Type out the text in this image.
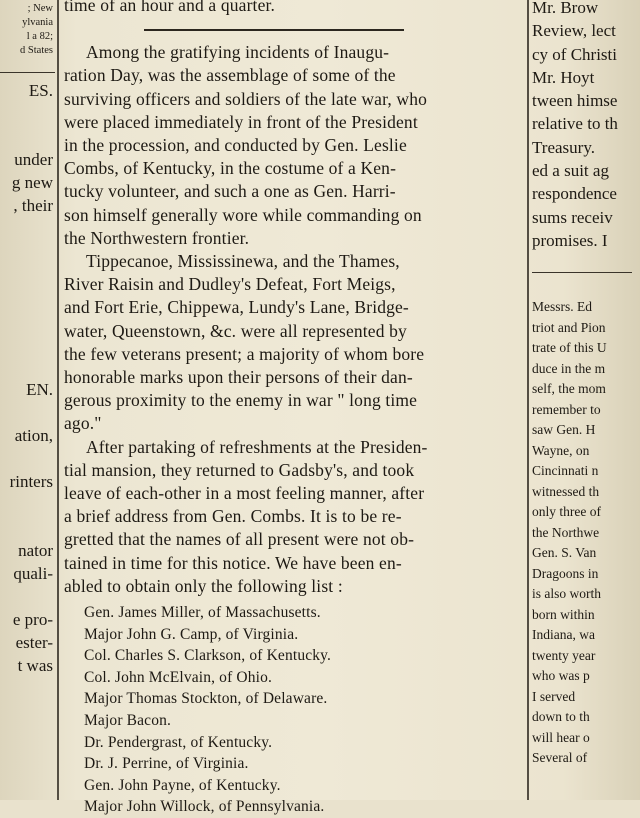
; New
ylvania
l a 82;
d States
ES.

under
g new
, their

EN.

ation,

rinters

nator
quali-

e pro-
ester-
t was
time of an hour and a quarter.
Among the gratifying incidents of Inaugu-
ration Day, was the assemblage of some of the
surviving officers and soldiers of the late war, who
were placed immediately in front of the President
in the procession, and conducted by Gen. Leslie
Combs, of Kentucky, in the costume of a Ken-
tucky volunteer, and such a one as Gen. Harri-
son himself generally wore while commanding on
the Northwestern frontier.
Tippecanoe, Mississinewa, and the Thames,
River Raisin and Dudley's Defeat, Fort Meigs,
and Fort Erie, Chippewa, Lundy's Lane, Bridge-
water, Queenstown, &c. were all represented by
the few veterans present; a majority of whom bore
honorable marks upon their persons of their dan-
gerous proximity to the enemy in war " long time
ago."
After partaking of refreshments at the Presiden-
tial mansion, they returned to Gadsby's, and took
leave of each-other in a most feeling manner, after
a brief address from Gen. Combs. It is to be re-
gretted that the names of all present were not ob-
tained in time for this notice. We have been en-
abled to obtain only the following list :
Gen. James Miller, of Massachusetts.
Major John G. Camp, of Virginia.
Col. Charles S. Clarkson, of Kentucky.
Col. John McElvain, of Ohio.
Major Thomas Stockton, of Delaware.
Major Bacon.
Dr. Pendergrast, of Kentucky.
Dr. J. Perrine, of Virginia.
Gen. John Payne, of Kentucky.
Major John Willock, of Pennsylvania.
Mr. Brow
Review, lect
cy of Christi
Mr. Hoyt
tween himse
relative to th
Treasury.
ed a suit ag
respondence
sums receiv
promises. I
Messrs. Ed
triot and Pion
trate of this U
duce in the m
self, the mom
remember to
saw Gen. H
Wayne, on
Cincinnati n
witnessed th
only three of
the Northwe
Gen. S. Van
Dragoons in
is also worth
born within
Indiana, wa
twenty year
who was p
I served
down to th
will hear o
Several of
